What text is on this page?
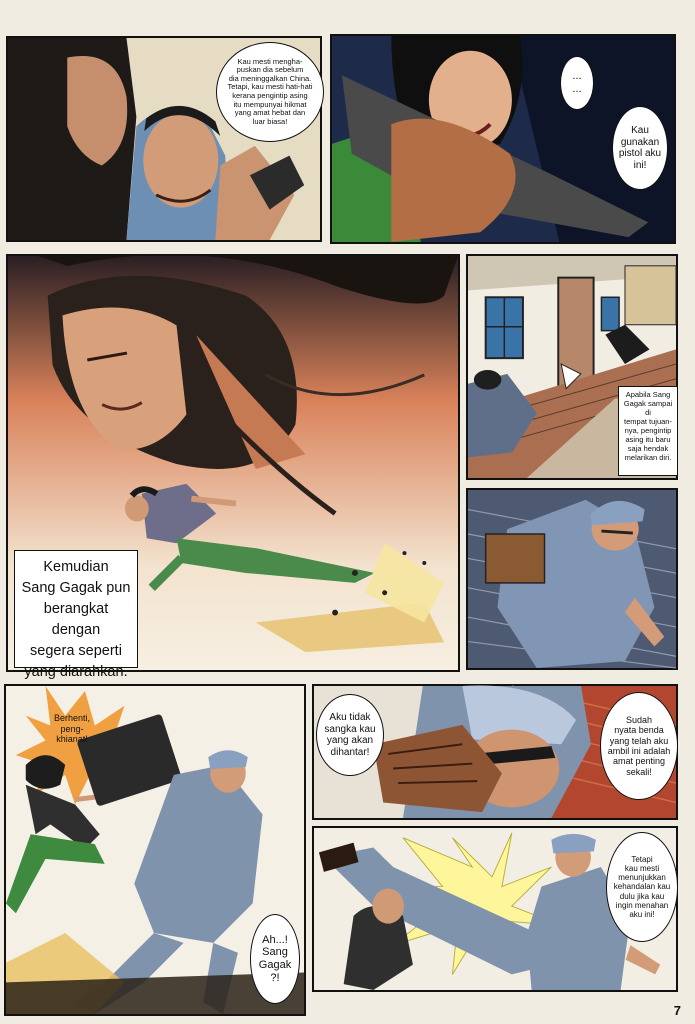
Kau mesti mengha-
puskan dia sebelum
dia meninggalkan China.
Tetapi, kau mesti hati-hati
kerana pengintip asing
itu mempunyai hikmat
yang amat hebat dan
luar biasa!
...
...
Kau
gunakan
pistol aku
ini!
Kemudian
Sang Gagak pun
berangkat dengan
segera seperti
yang diarahkan.
Apabila Sang
Gagak sampai di
tempat tujuan-
nya, pengintip
asing itu baru
saja hendak
melarikan diri.
Berhenti,
peng-
khianat!
Ah...!
Sang
Gagak
?!
Aku tidak
sangka kau
yang akan
dihantar!
Sudah
nyata benda
yang telah aku
ambil ini adalah
amat penting
sekali!
Tetapi
kau mesti
menunjukkan
kehandalan kau
dulu jika kau
ingin menahan
aku ini!
7
